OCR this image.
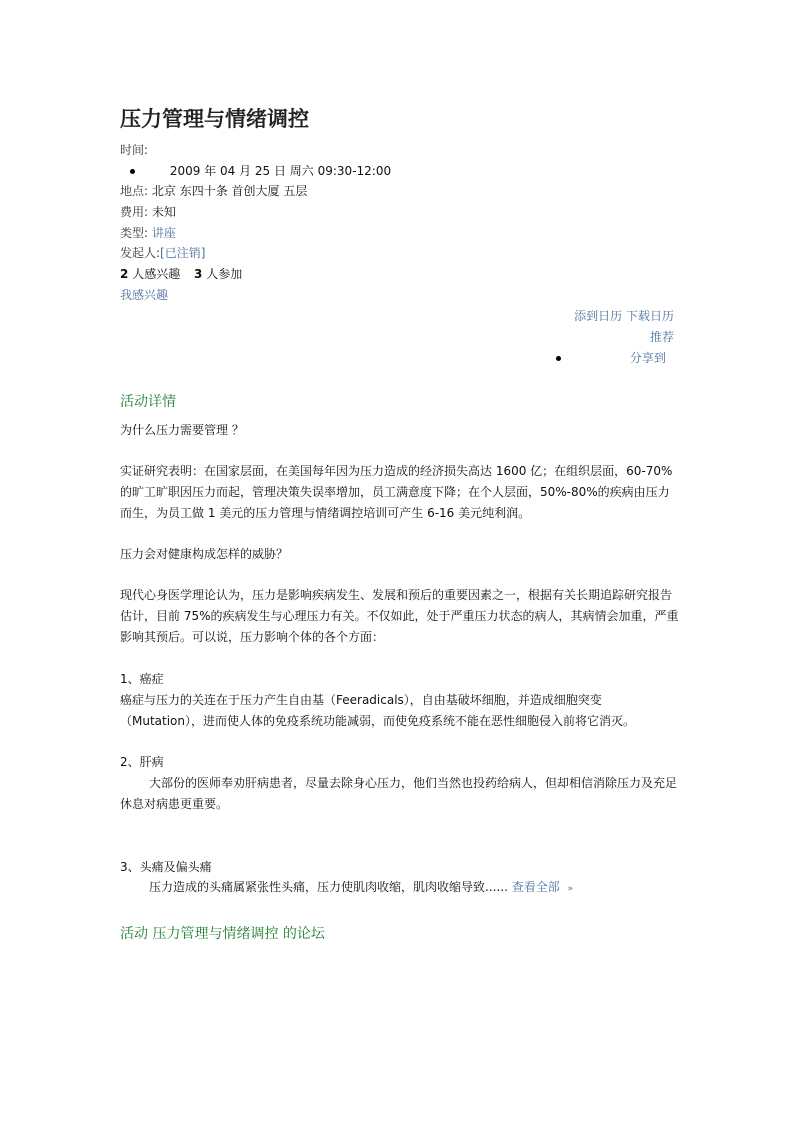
压力管理与情绪调控
时间:
2009 年 04 月 25 日 周六 09:30-12:00
地点: 北京 东四十条 首创大厦 五层
费用: 未知
类型: 讲座
发起人:[已注销]
2 人感兴趣 3 人参加
我感兴趣
添到日历 下载日历
推荐
分享到
活动详情

为什么压力需要管理 ？

实证研究表明：在国家层面，在美国每年因为压力造成的经济损失高达 1600 亿；在组织层面，60-70%的旷工旷职因压力而起，管理决策失误率增加，员工满意度下降；在个人层面，50%-80%的疾病由压力而生，为员工做 1 美元的压力管理与情绪调控培训可产生 6-16 美元纯利润。

压力会对健康构成怎样的威胁？

现代心身医学理论认为，压力是影响疾病发生、发展和预后的重要因素之一，根据有关长期追踪研究报告估计，目前 75%的疾病发生与心理压力有关。不仅如此，处于严重压力状态的病人，其病情会加重，严重影响其预后。可以说，压力影响个体的各个方面：

1、癌症

癌症与压力的关连在于压力产生自由基（Feeradicals），自由基破坏细胞，并造成细胞突变（Mutation），进而使人体的免疫系统功能减弱，而使免疫系统不能在恶性细胞侵入前将它消灭。

2、肝病

大部份的医师奉劝肝病患者，尽量去除身心压力，他们当然也投药给病人，但却相信消除压力及充足休息对病患更重要。

3、头痛及偏头痛

压力造成的头痛属紧张性头痛，压力使肌肉收缩，肌肉收缩导致...... 查看全部 »

活动 压力管理与情绪调控 的论坛
